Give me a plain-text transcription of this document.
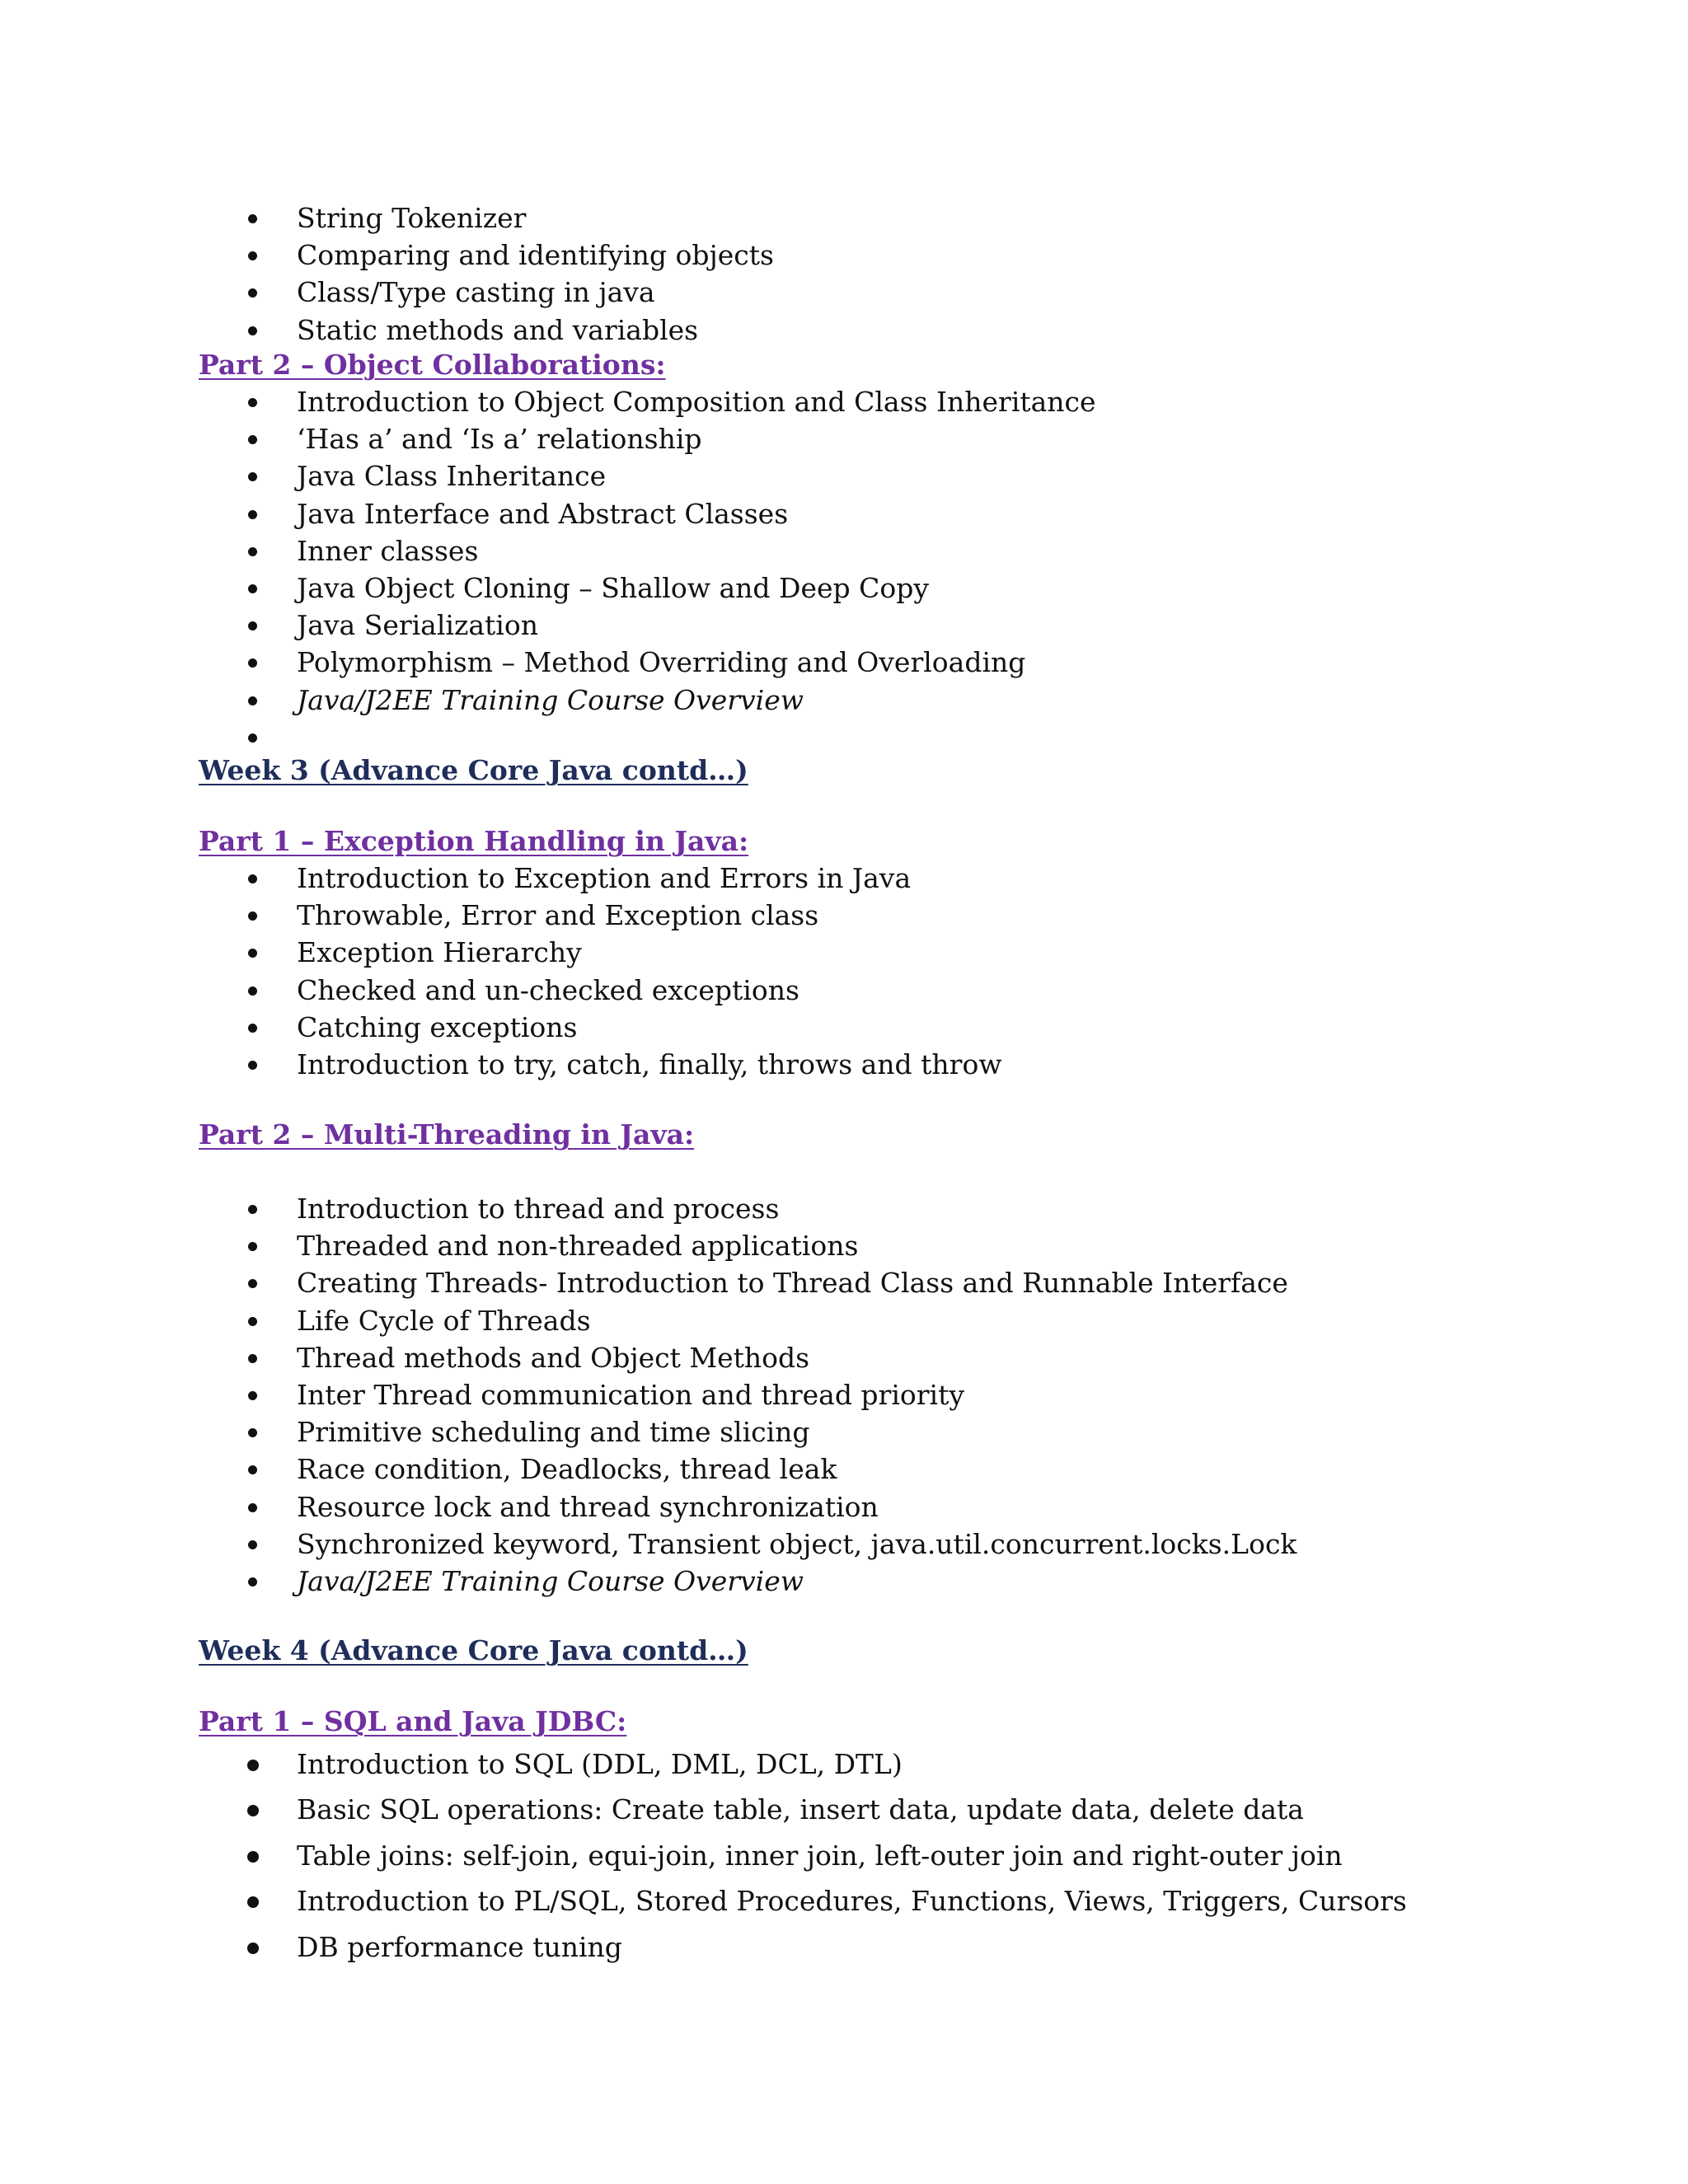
String Tokenizer
Comparing and identifying objects
Class/Type casting in java
Static methods and variables
Part 2 – Object Collaborations:
Introduction to Object Composition and Class Inheritance
‘Has a’ and ‘Is a’ relationship
Java Class Inheritance
Java Interface and Abstract Classes
Inner classes
Java Object Cloning – Shallow and Deep Copy
Java Serialization
Polymorphism – Method Overriding and Overloading
Java/J2EE Training Course Overview
Week 3 (Advance Core Java contd…)
Part 1 – Exception Handling in Java:
Introduction to Exception and Errors in Java
Throwable, Error and Exception class
Exception Hierarchy
Checked and un-checked exceptions
Catching exceptions
Introduction to try, catch, finally, throws and throw
Part 2 – Multi-Threading in Java:
Introduction to thread and process
Threaded and non-threaded applications
Creating Threads- Introduction to Thread Class and Runnable Interface
Life Cycle of Threads
Thread methods and Object Methods
Inter Thread communication and thread priority
Primitive scheduling and time slicing
Race condition, Deadlocks, thread leak
Resource lock and thread synchronization
Synchronized keyword, Transient object, java.util.concurrent.locks.Lock
Java/J2EE Training Course Overview
Week 4 (Advance Core Java contd…)
Part 1 – SQL and Java JDBC:
Introduction to SQL (DDL, DML, DCL, DTL)
Basic SQL operations: Create table, insert data, update data, delete data
Table joins: self-join, equi-join, inner join, left-outer join and right-outer join
Introduction to PL/SQL, Stored Procedures, Functions, Views, Triggers, Cursors
DB performance tuning
